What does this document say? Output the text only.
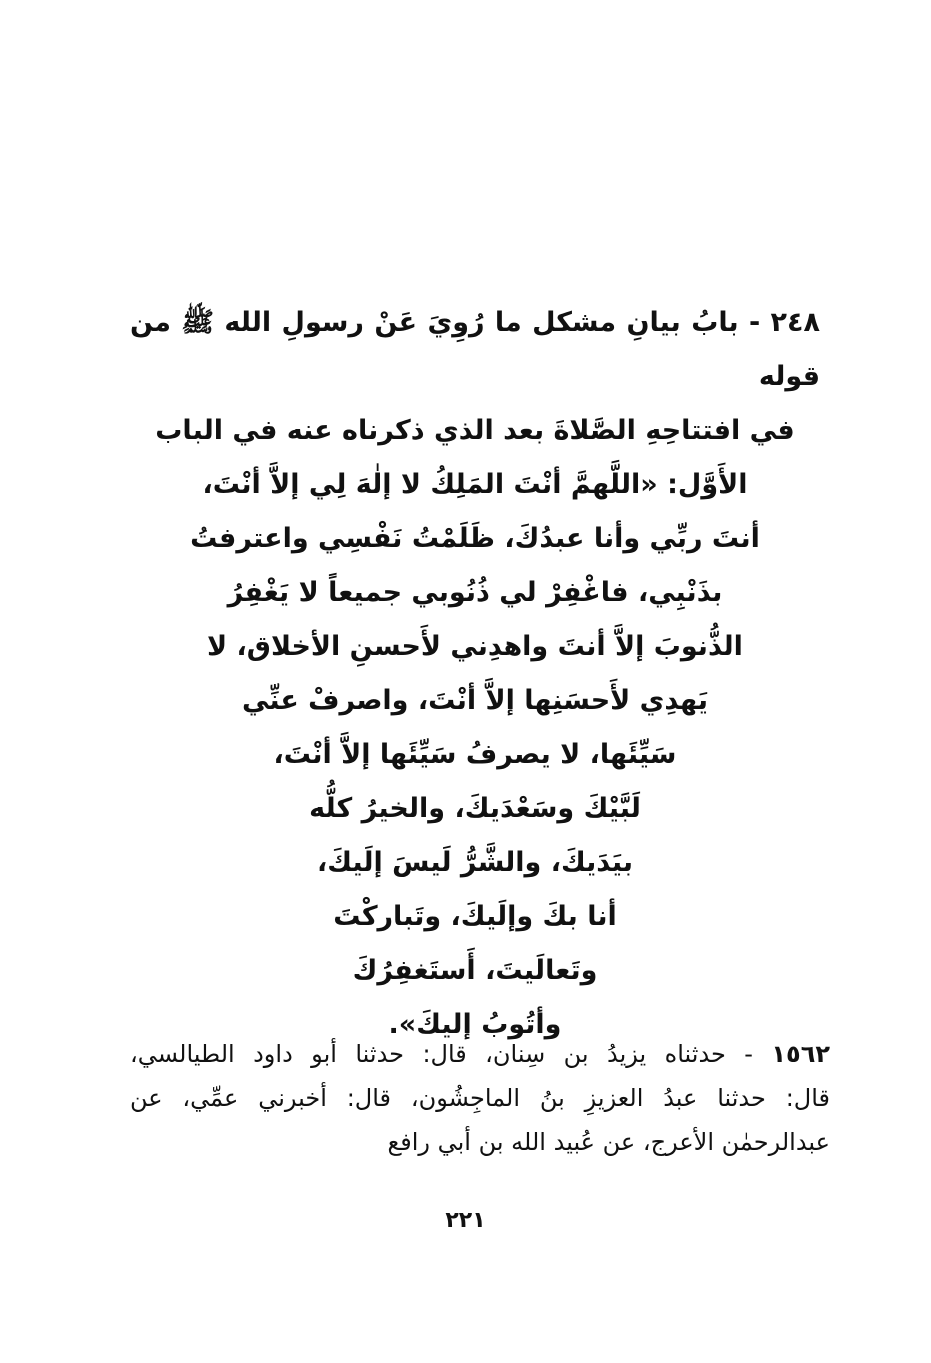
٢٤٨ - بابُ بيانِ مشكل ما رُوِيَ عَنْ رسولِ الله ﷺ من قوله
في افتتاحِهِ الصَّلاةَ بعد الذي ذكرناه عنه في الباب
الأَوَّل: «اللَّهمَّ أنْتَ المَلِكُ لا إلٰهَ لِي إلاَّ أنْتَ،
أنتَ ربِّي وأنا عبدُكَ، ظَلَمْتُ نَفْسِي واعترفتُ
بذَنْبِي، فاغْفِرْ لي ذُنُوبي جميعاً لا يَغْفِرُ
الذُّنوبَ إلاَّ أنتَ واهدِني لأَحسنِ الأخلاق، لا
يَهدِي لأَحسَنِها إلاَّ أنْتَ، واصرفْ عنِّي
سَيِّئَها، لا يصرفُ سَيِّئَها إلاَّ أنْتَ،
لَبَّيْكَ وسَعْدَيكَ، والخيرُ كلُّه
بيَدَيكَ، والشَّرُّ لَيسَ إلَيكَ،
أنا بكَ وإلَيكَ، وتَباركْتَ
وتَعالَيتَ، أَستَغفِرُكَ
وأتُوبُ إليكَ».
١٥٦٢ - حدثناه يزيدُ بن سِنان، قال: حدثنا أبو داود الطيالسي،
قال: حدثنا عبدُ العزيزِ بنُ الماجِشُون، قال: أخبرني عمِّي، عن
عبدالرحمٰن الأعرج، عن عُبيد الله بن أبي رافع
٢٢١
